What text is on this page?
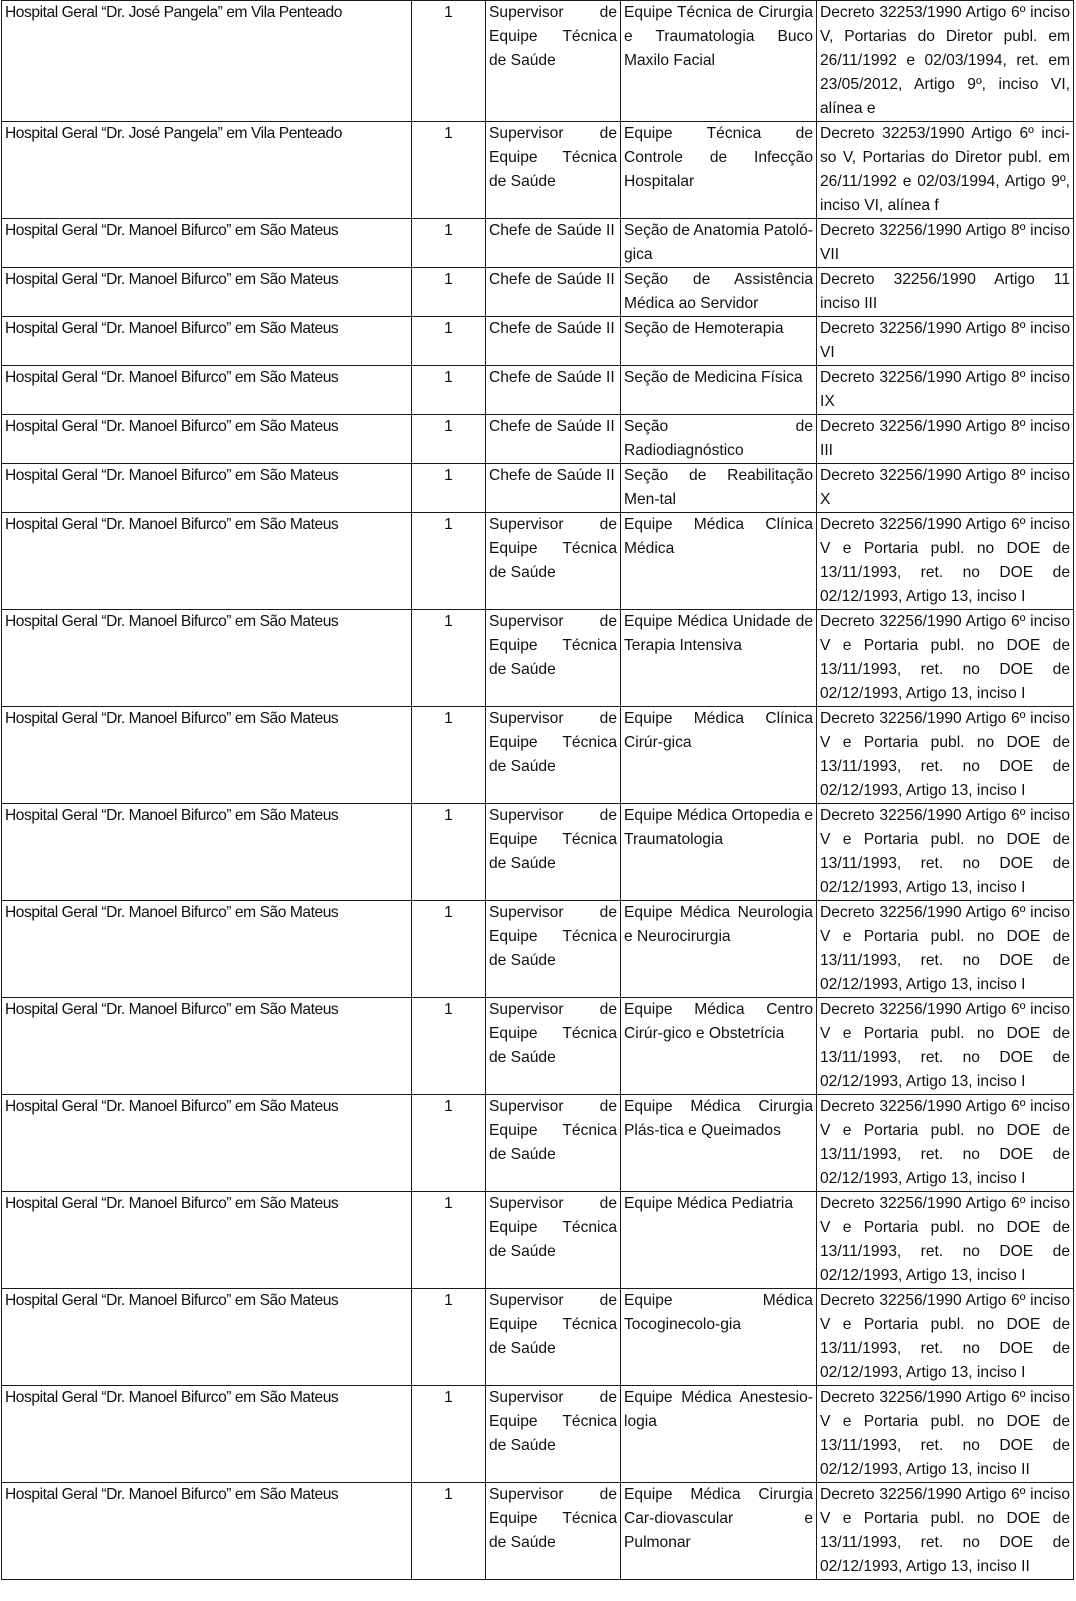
Hospital Geral “Dr. José Pangela” em Vila Penteado	1	Supervisor de Equipe Técnica de Saúde	Equipe Técnica de Cirurgia e Traumatologia Buco Maxilo Facial	Decreto 32253/1990 Artigo 6º inciso V, Portarias do Diretor publ. em 26/11/1992 e 02/03/1994, ret. em 23/05/2012, Artigo 9º, inciso VI, alínea e
Hospital Geral “Dr. José Pangela” em Vila Penteado	1	Supervisor de Equipe Técnica de Saúde	Equipe Técnica de Controle de Infecção Hospitalar	Decreto 32253/1990 Artigo 6º inci-so V, Portarias do Diretor publ. em 26/11/1992 e 02/03/1994, Artigo 9º, inciso VI, alínea f
Hospital Geral “Dr. Manoel Bifurco” em São Mateus	1	Chefe de Saúde II	Seção de Anatomia Patoló-gica	Decreto 32256/1990 Artigo 8º inciso VII
Hospital Geral “Dr. Manoel Bifurco” em São Mateus	1	Chefe de Saúde II	Seção de Assistência Médica ao Servidor	Decreto 32256/1990 Artigo 11 inciso III
Hospital Geral “Dr. Manoel Bifurco” em São Mateus	1	Chefe de Saúde II	Seção de Hemoterapia	Decreto 32256/1990 Artigo 8º inciso VI
Hospital Geral “Dr. Manoel Bifurco” em São Mateus	1	Chefe de Saúde II	Seção de Medicina Física	Decreto 32256/1990 Artigo 8º inciso IX
Hospital Geral “Dr. Manoel Bifurco” em São Mateus	1	Chefe de Saúde II	Seção de Radiodiagnóstico	Decreto 32256/1990 Artigo 8º inciso III
Hospital Geral “Dr. Manoel Bifurco” em São Mateus	1	Chefe de Saúde II	Seção de Reabilitação Men-tal	Decreto 32256/1990 Artigo 8º inciso X
Hospital Geral “Dr. Manoel Bifurco” em São Mateus	1	Supervisor de Equipe Técnica de Saúde	Equipe Médica Clínica Médica	Decreto 32256/1990 Artigo 6º inciso V e Portaria publ. no DOE de 13/11/1993, ret. no DOE de 02/12/1993, Artigo 13, inciso I
Hospital Geral “Dr. Manoel Bifurco” em São Mateus	1	Supervisor de Equipe Técnica de Saúde	Equipe Médica Unidade de Terapia Intensiva	Decreto 32256/1990 Artigo 6º inciso V e Portaria publ. no DOE de 13/11/1993, ret. no DOE de 02/12/1993, Artigo 13, inciso I
Hospital Geral “Dr. Manoel Bifurco” em São Mateus	1	Supervisor de Equipe Técnica de Saúde	Equipe Médica Clínica Cirúr-gica	Decreto 32256/1990 Artigo 6º inciso V e Portaria publ. no DOE de 13/11/1993, ret. no DOE de 02/12/1993, Artigo 13, inciso I
Hospital Geral “Dr. Manoel Bifurco” em São Mateus	1	Supervisor de Equipe Técnica de Saúde	Equipe Médica Ortopedia e Traumatologia	Decreto 32256/1990 Artigo 6º inciso V e Portaria publ. no DOE de 13/11/1993, ret. no DOE de 02/12/1993, Artigo 13, inciso I
Hospital Geral “Dr. Manoel Bifurco” em São Mateus	1	Supervisor de Equipe Técnica de Saúde	Equipe Médica Neurologia e Neurocirurgia	Decreto 32256/1990 Artigo 6º inciso V e Portaria publ. no DOE de 13/11/1993, ret. no DOE de 02/12/1993, Artigo 13, inciso I
Hospital Geral “Dr. Manoel Bifurco” em São Mateus	1	Supervisor de Equipe Técnica de Saúde	Equipe Médica Centro Cirúr-gico e Obstetrícia	Decreto 32256/1990 Artigo 6º inciso V e Portaria publ. no DOE de 13/11/1993, ret. no DOE de 02/12/1993, Artigo 13, inciso I
Hospital Geral “Dr. Manoel Bifurco” em São Mateus	1	Supervisor de Equipe Técnica de Saúde	Equipe Médica Cirurgia Plás-tica e Queimados	Decreto 32256/1990 Artigo 6º inciso V e Portaria publ. no DOE de 13/11/1993, ret. no DOE de 02/12/1993, Artigo 13, inciso I
Hospital Geral “Dr. Manoel Bifurco” em São Mateus	1	Supervisor de Equipe Técnica de Saúde	Equipe Médica Pediatria	Decreto 32256/1990 Artigo 6º inciso V e Portaria publ. no DOE de 13/11/1993, ret. no DOE de 02/12/1993, Artigo 13, inciso I
Hospital Geral “Dr. Manoel Bifurco” em São Mateus	1	Supervisor de Equipe Técnica de Saúde	Equipe Médica Tocoginecolo-gia	Decreto 32256/1990 Artigo 6º inciso V e Portaria publ. no DOE de 13/11/1993, ret. no DOE de 02/12/1993, Artigo 13, inciso I
Hospital Geral “Dr. Manoel Bifurco” em São Mateus	1	Supervisor de Equipe Técnica de Saúde	Equipe Médica Anestesio-logia	Decreto 32256/1990 Artigo 6º inciso V e Portaria publ. no DOE de 13/11/1993, ret. no DOE de 02/12/1993, Artigo 13, inciso II
Hospital Geral “Dr. Manoel Bifurco” em São Mateus	1	Supervisor de Equipe Técnica de Saúde	Equipe Médica Cirurgia Car-diovascular e Pulmonar	Decreto 32256/1990 Artigo 6º inciso V e Portaria publ. no DOE de 13/11/1993, ret. no DOE de 02/12/1993, Artigo 13, inciso II
